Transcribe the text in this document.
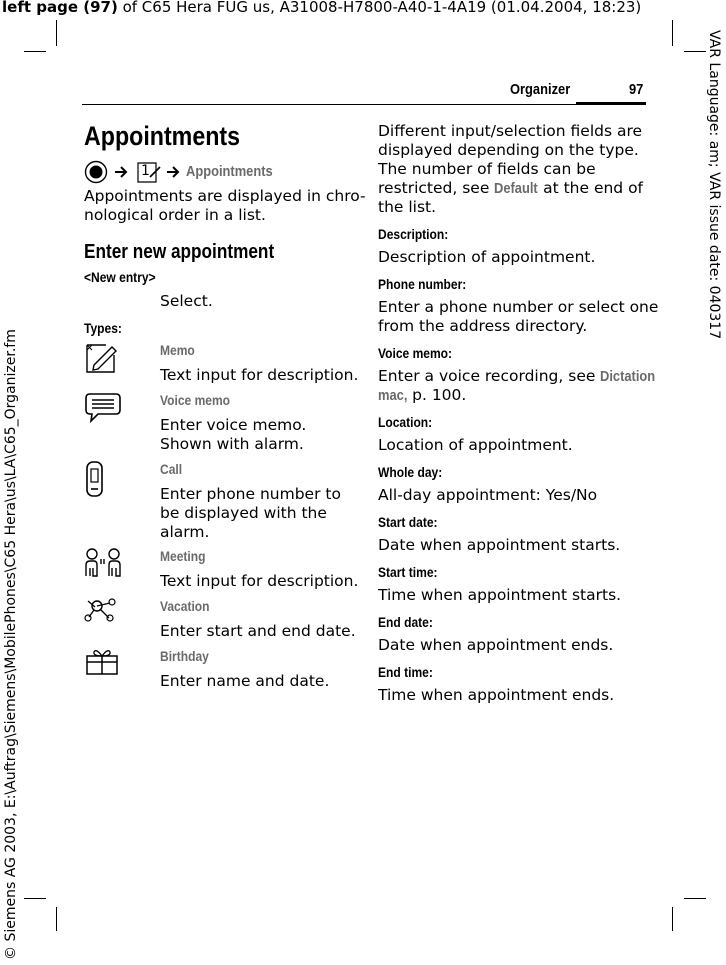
left page (97) of C65 Hera FUG us, A31008-H7800-A40-1-4A19 (01.04.2004, 18:23)
VAR Language: am; VAR issue date: 040317
© Siemens AG 2003, E:\Auftrag\Siemens\MobilePhones\C65 Hera\us\LA\C65_Organizer.fm
Organizer	97
Appointments
1 Appointments
Appointments are displayed in chro-
nological order in a list.
Enter new appointment
<New entry>
Select.
Types:
Memo
Text input for description.
Voice memo
Enter voice memo.
Shown with alarm.
Call
Enter phone number to
be displayed with the
alarm.
Meeting
Text input for description.
Vacation
Enter start and end date.
Birthday
Enter name and date.
Different input/selection fields are
displayed depending on the type.
The number of fields can be
restricted, see Default at the end of
the list.
Description:
Description of appointment.
Phone number:
Enter a phone number or select one
from the address directory.
Voice memo:
Enter a voice recording, see Dictation
mac, p. 100.
Location:
Location of appointment.
Whole day:
All-day appointment: Yes/No
Start date:
Date when appointment starts.
Start time:
Time when appointment starts.
End date:
Date when appointment ends.
End time:
Time when appointment ends.
